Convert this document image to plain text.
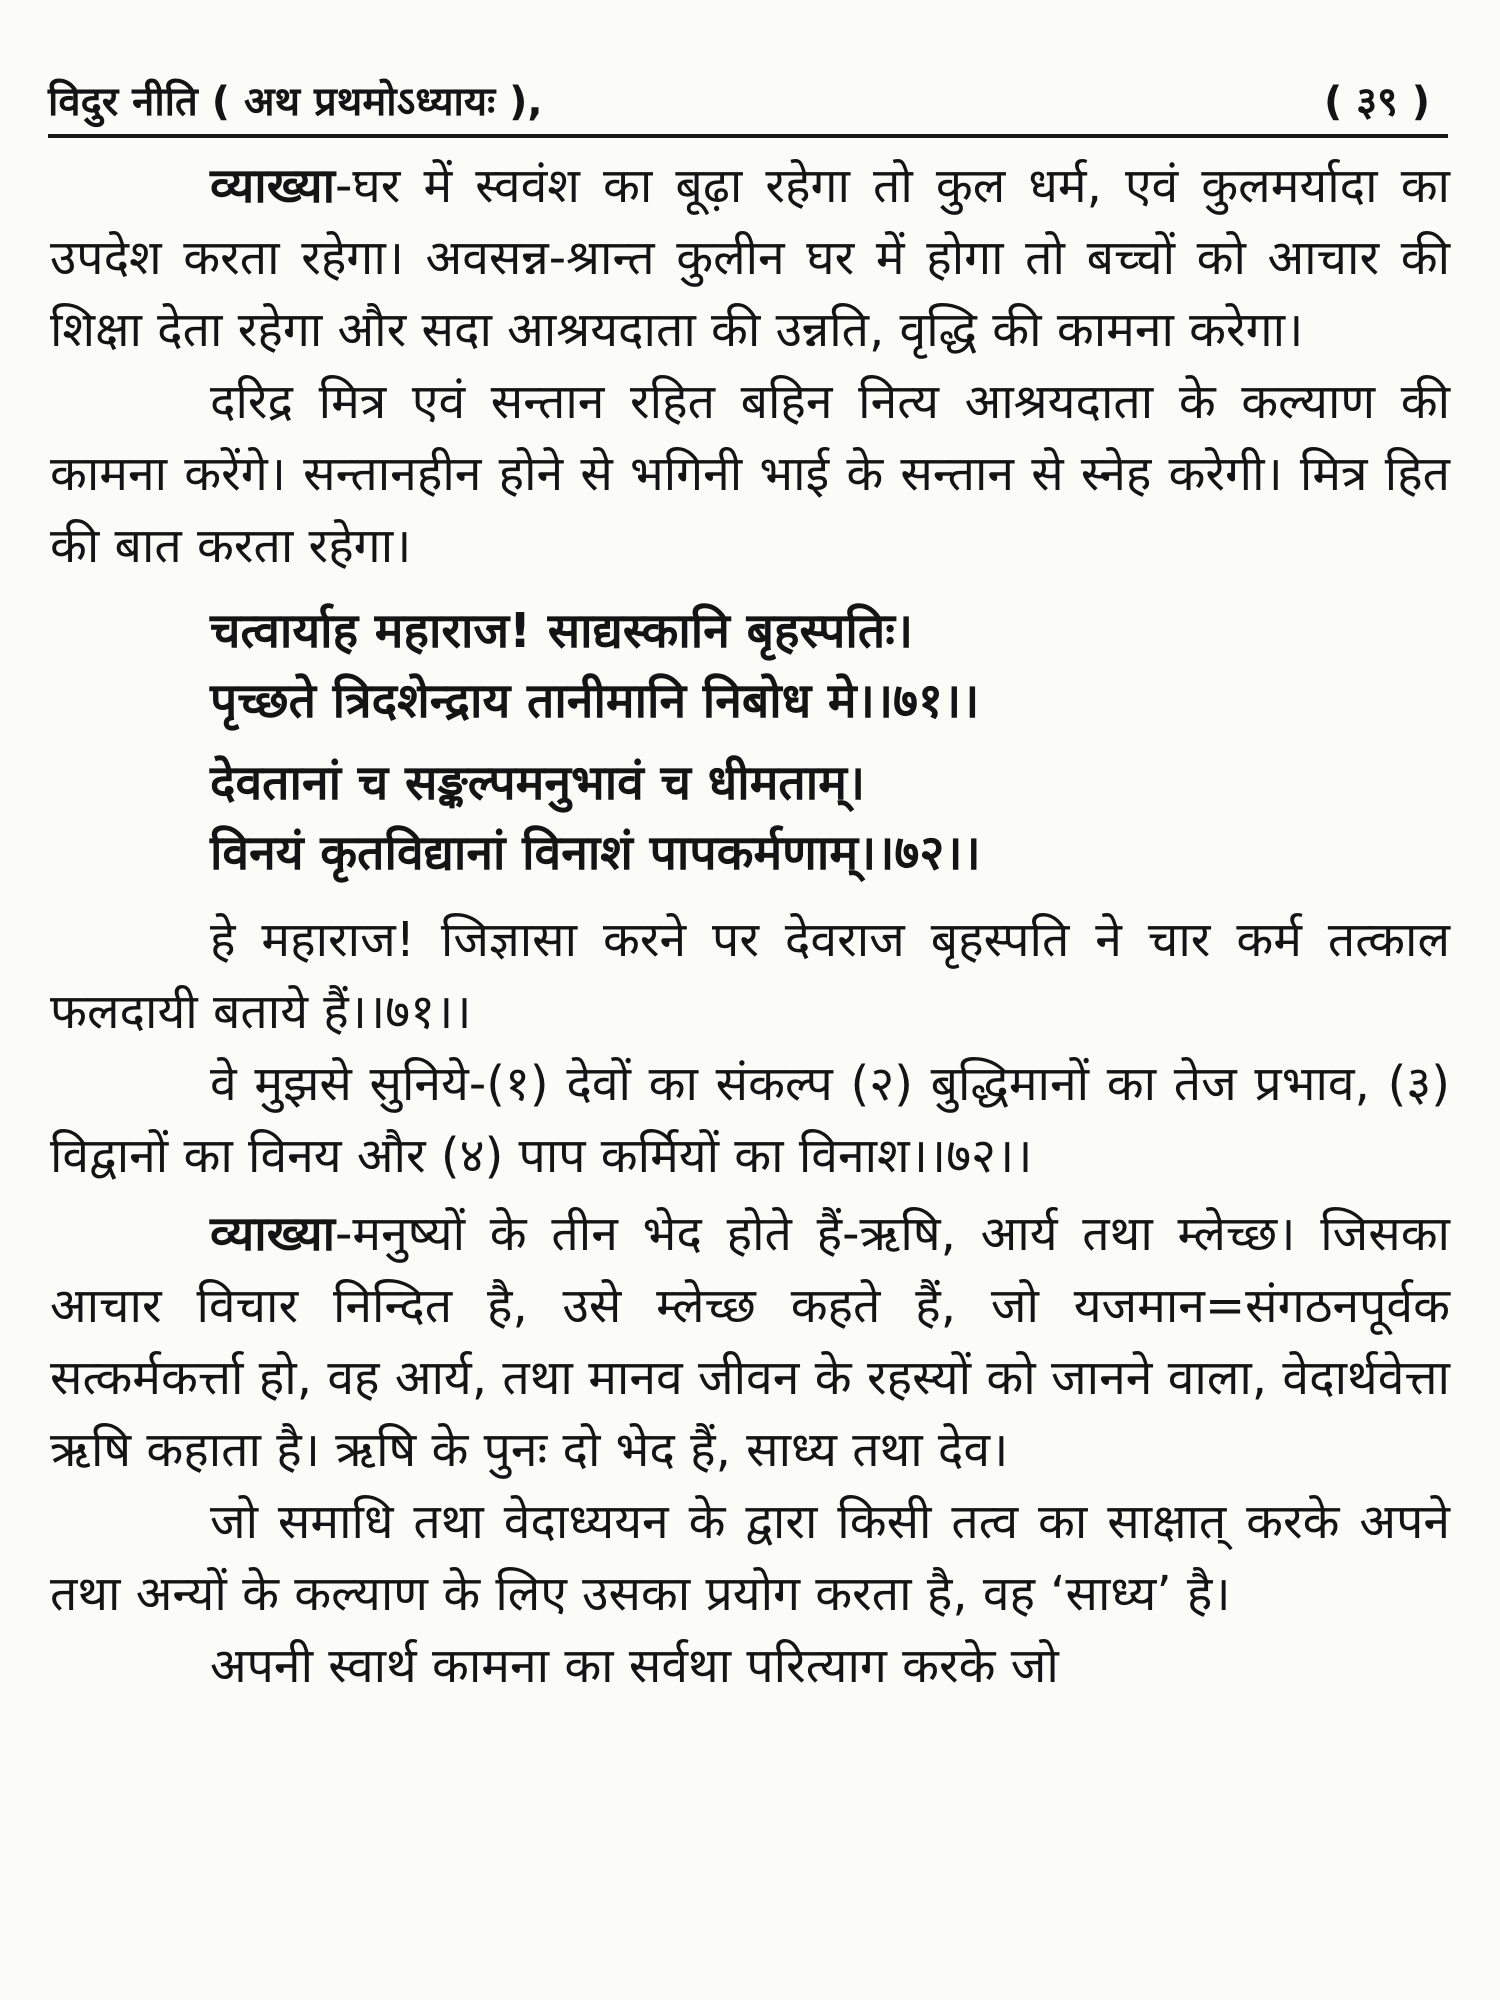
विदुर नीति ( अथ प्रथमोऽध्यायः ),	( ३९ )

व्याख्या-घर में स्ववंश का बूढ़ा रहेगा तो कुल धर्म, एवं कुलमर्यादा का उपदेश करता रहेगा। अवसन्न-श्रान्त कुलीन घर में होगा तो बच्चों को आचार की शिक्षा देता रहेगा और सदा आश्रयदाता की उन्नति, वृद्धि की कामना करेगा।

दरिद्र मित्र एवं सन्तान रहित बहिन नित्य आश्रयदाता के कल्याण की कामना करेंगे। सन्तानहीन होने से भगिनी भाई के सन्तान से स्नेह करेगी। मित्र हित की बात करता रहेगा।

चत्वार्याह महाराज! साद्यस्कानि बृहस्पतिः।
पृच्छते त्रिदशेन्द्राय तानीमानि निबोध मे।।७१।।
देवतानां च सङ्कल्पमनुभावं च धीमताम्।
विनयं कृतविद्यानां विनाशं पापकर्मणाम्।।७२।।

हे महाराज! जिज्ञासा करने पर देवराज बृहस्पति ने चार कर्म तत्काल फलदायी बताये हैं।।७१।।

वे मुझसे सुनिये-(१) देवों का संकल्प (२) बुद्धिमानों का तेज प्रभाव, (३) विद्वानों का विनय और (४) पाप कर्मियों का विनाश।।७२।।

व्याख्या-मनुष्यों के तीन भेद होते हैं-ऋषि, आर्य तथा म्लेच्छ। जिसका आचार विचार निन्दित है, उसे म्लेच्छ कहते हैं, जो यजमान=संगठनपूर्वक सत्कर्मकर्त्ता हो, वह आर्य, तथा मानव जीवन के रहस्यों को जानने वाला, वेदार्थवेत्ता ऋषि कहाता है। ऋषि के पुनः दो भेद हैं, साध्य तथा देव।

जो समाधि तथा वेदाध्ययन के द्वारा किसी तत्व का साक्षात् करके अपने तथा अन्यों के कल्याण के लिए उसका प्रयोग करता है, वह ‘साध्य’ है।

अपनी स्वार्थ कामना का सर्वथा परित्याग करके जो
